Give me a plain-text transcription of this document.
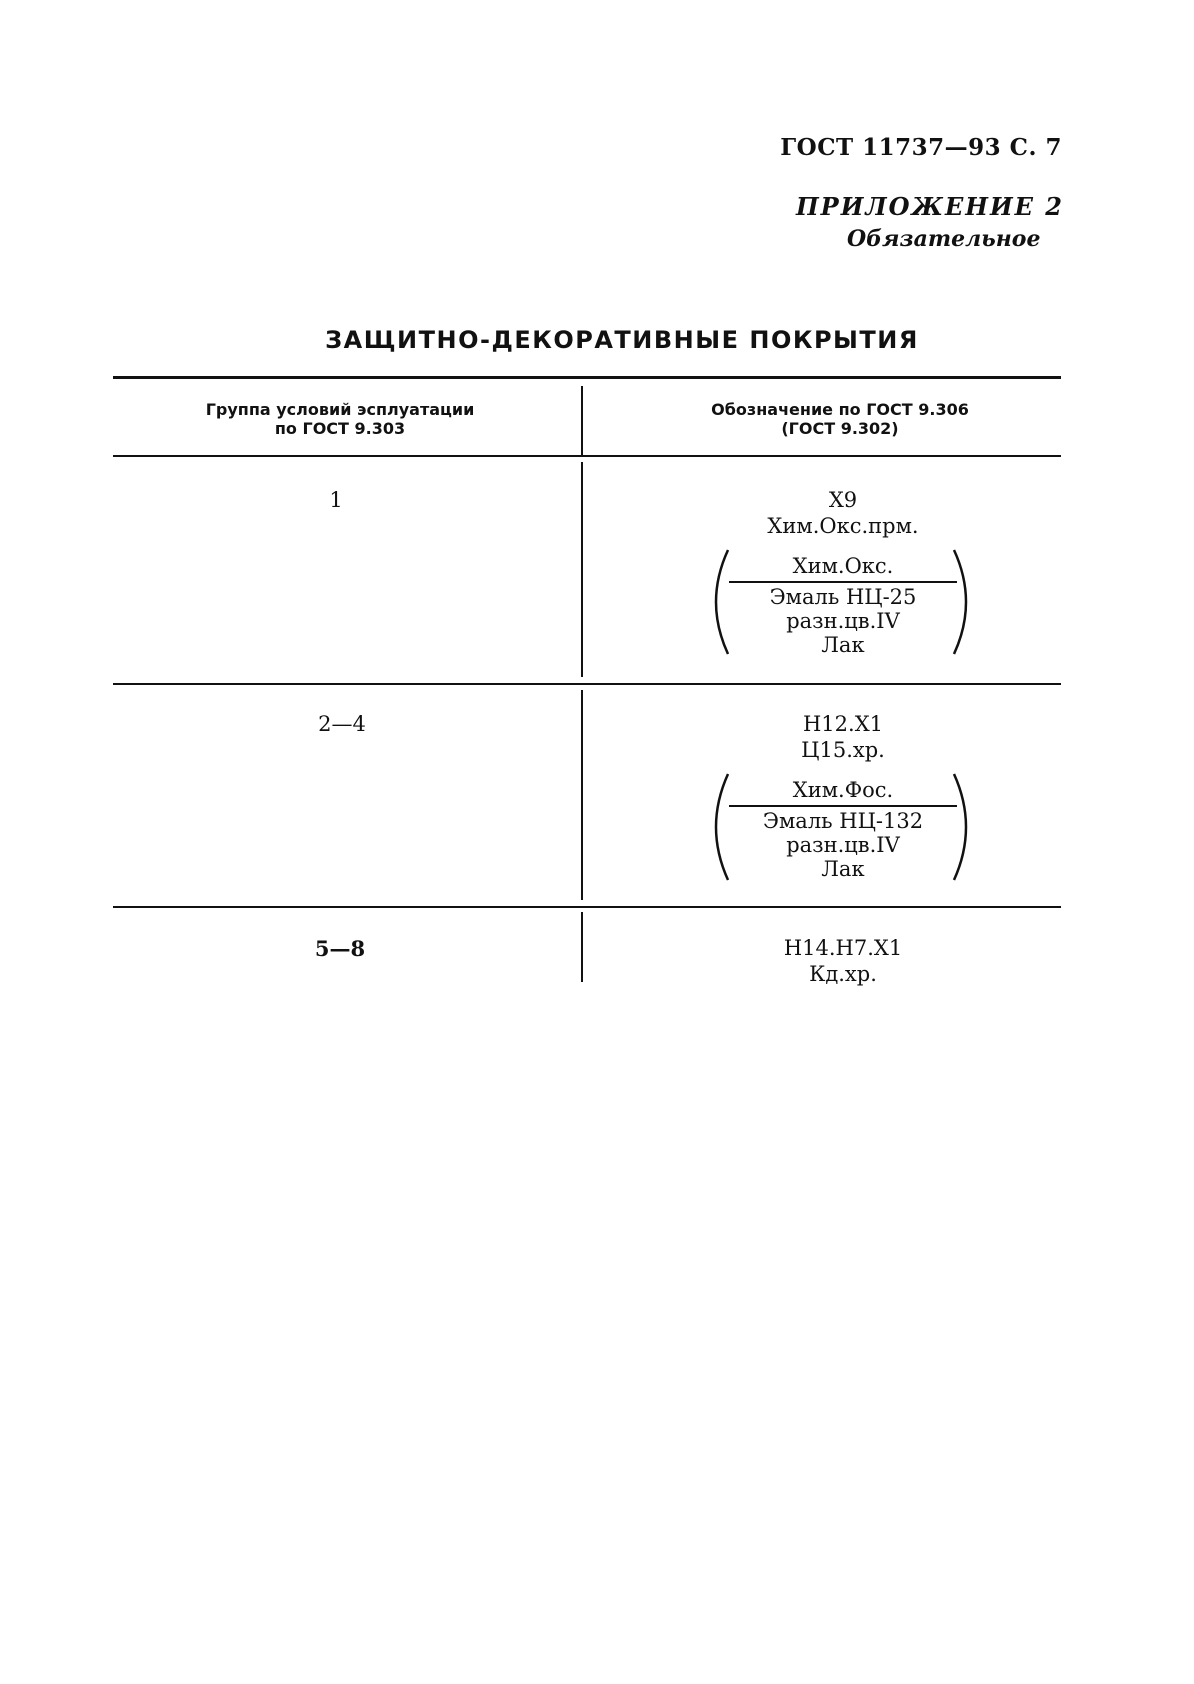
ГОСТ 11737—93 С. 7
ПРИЛОЖЕНИЕ 2
Обязательное
ЗАЩИТНО-ДЕКОРАТИВНЫЕ ПОКРЫТИЯ
Группа условий эсплуатации
по ГОСТ 9.303
Обозначение по ГОСТ 9.306
(ГОСТ 9.302)
1	Х9
Хим.Окс.прм.
Хим.Окс.
Эмаль НЦ-25
разн.цв.IV
Лак
2—4	Н12.Х1
Ц15.хр.
Хим.Фос.
Эмаль НЦ-132
разн.цв.IV
Лак
5—8	Н14.Н7.Х1
Кд.хр.
